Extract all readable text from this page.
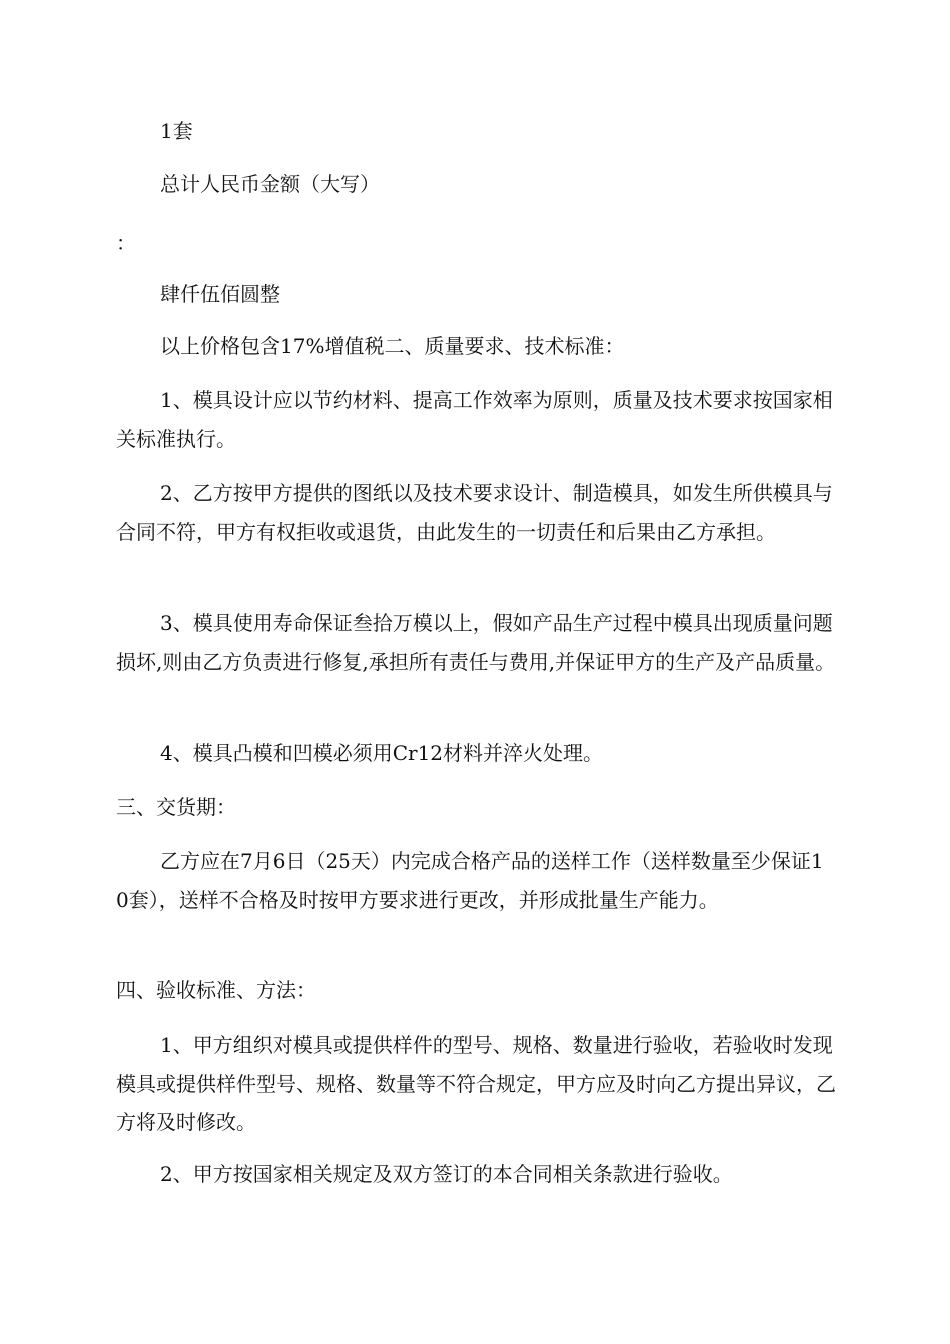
1套

总计人民币金额（大写）

：

肆仟伍佰圆整

以上价格包含17%增值税二、质量要求、技术标准：

1、模具设计应以节约材料、提高工作效率为原则，质量及技术要求按国家相关标准执行。

2、乙方按甲方提供的图纸以及技术要求设计、制造模具，如发生所供模具与合同不符，甲方有权拒收或退货，由此发生的一切责任和后果由乙方承担。

3、模具使用寿命保证叁拾万模以上，假如产品生产过程中模具出现质量问题损坏,则由乙方负责进行修复,承担所有责任与费用,并保证甲方的生产及产品质量。

4、模具凸模和凹模必须用Cr12材料并淬火处理。

三、交货期：

乙方应在7月6日（25天）内完成合格产品的送样工作（送样数量至少保证10套），送样不合格及时按甲方要求进行更改，并形成批量生产能力。

四、验收标准、方法：

1、甲方组织对模具或提供样件的型号、规格、数量进行验收，若验收时发现模具或提供样件型号、规格、数量等不符合规定，甲方应及时向乙方提出异议，乙方将及时修改。

2、甲方按国家相关规定及双方签订的本合同相关条款进行验收。
